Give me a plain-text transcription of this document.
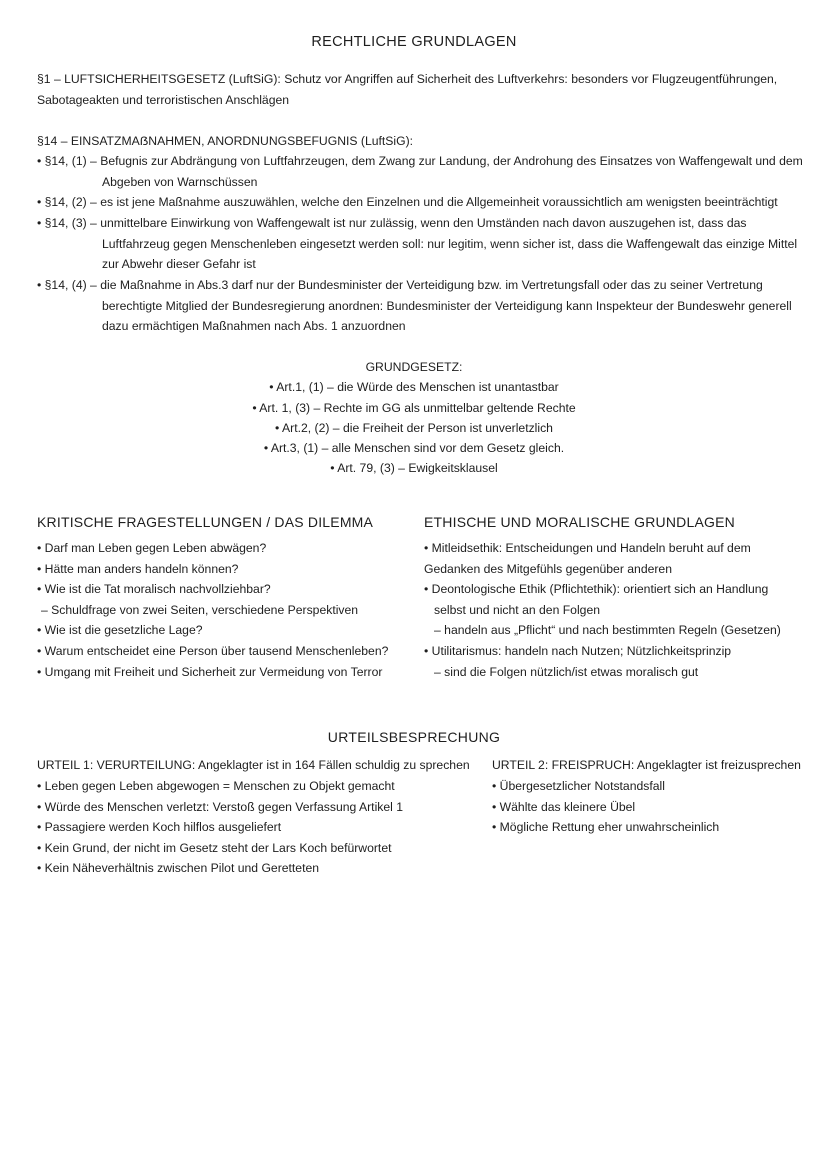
RECHTLICHE GRUNDLAGEN
§1 – LUFTSICHERHEITSGESETZ (LuftSiG): Schutz vor Angriffen auf Sicherheit des Luftverkehrs: besonders vor Flugzeugentführungen,
Sabotageakten und terroristischen Anschlägen
§14 – EINSATZMAẞNAHMEN, ANORDNUNGSBEFUGNIS (LuftSiG):
• §14, (1) – Befugnis zur Abdrängung von Luftfahrzeugen, dem Zwang zur Landung, der Androhung des Einsatzes von Waffengewalt und dem
Abgeben von Warnschüssen
• §14, (2) – es ist jene Maßnahme auszuwählen, welche den Einzelnen und die Allgemeinheit voraussichtlich am wenigsten beeinträchtigt
• §14, (3) – unmittelbare Einwirkung von Waffengewalt ist nur zulässig, wenn den Umständen nach davon auszugehen ist, dass das
Luftfahrzeug gegen Menschenleben eingesetzt werden soll: nur legitim, wenn sicher ist, dass die Waffengewalt das einzige Mittel
zur Abwehr dieser Gefahr ist
• §14, (4) – die Maßnahme in Abs.3 darf nur der Bundesminister der Verteidigung bzw. im Vertretungsfall oder das zu seiner Vertretung
berechtigte Mitglied der Bundesregierung anordnen: Bundesminister der Verteidigung kann Inspekteur der Bundeswehr generell
dazu ermächtigen Maßnahmen nach Abs. 1 anzuordnen
GRUNDGESETZ:
• Art.1, (1) – die Würde des Menschen ist unantastbar
• Art. 1, (3) – Rechte im GG als unmittelbar geltende Rechte
• Art.2, (2) – die Freiheit der Person ist unverletzlich
• Art.3, (1) – alle Menschen sind vor dem Gesetz gleich.
• Art. 79, (3) – Ewigkeitsklausel
KRITISCHE FRAGESTELLUNGEN / DAS DILEMMA
• Darf man Leben gegen Leben abwägen?
• Hätte man anders handeln können?
• Wie ist die Tat moralisch nachvollziehbar?
– Schuldfrage von zwei Seiten, verschiedene Perspektiven
• Wie ist die gesetzliche Lage?
• Warum entscheidet eine Person über tausend Menschenleben?
• Umgang mit Freiheit und Sicherheit zur Vermeidung von Terror
ETHISCHE UND MORALISCHE GRUNDLAGEN
• Mitleidsethik: Entscheidungen und Handeln beruht auf dem
Gedanken des Mitgefühls gegenüber anderen
• Deontologische Ethik (Pflichtethik): orientiert sich an Handlung
selbst und nicht an den Folgen
– handeln aus „Pflicht“ und nach bestimmten Regeln (Gesetzen)
• Utilitarismus: handeln nach Nutzen; Nützlichkeitsprinzip
– sind die Folgen nützlich/ist etwas moralisch gut
URTEILSBESPRECHUNG
URTEIL 1: VERURTEILUNG: Angeklagter ist in 164 Fällen schuldig zu sprechen
• Leben gegen Leben abgewogen = Menschen zu Objekt gemacht
• Würde des Menschen verletzt: Verstoß gegen Verfassung Artikel 1
• Passagiere werden Koch hilflos ausgeliefert
• Kein Grund, der nicht im Gesetz steht der Lars Koch befürwortet
• Kein Näheverhältnis zwischen Pilot und Geretteten
URTEIL 2: FREISPRUCH: Angeklagter ist freizusprechen
• Übergesetzlicher Notstandsfall
• Wählte das kleinere Übel
• Mögliche Rettung eher unwahrscheinlich
